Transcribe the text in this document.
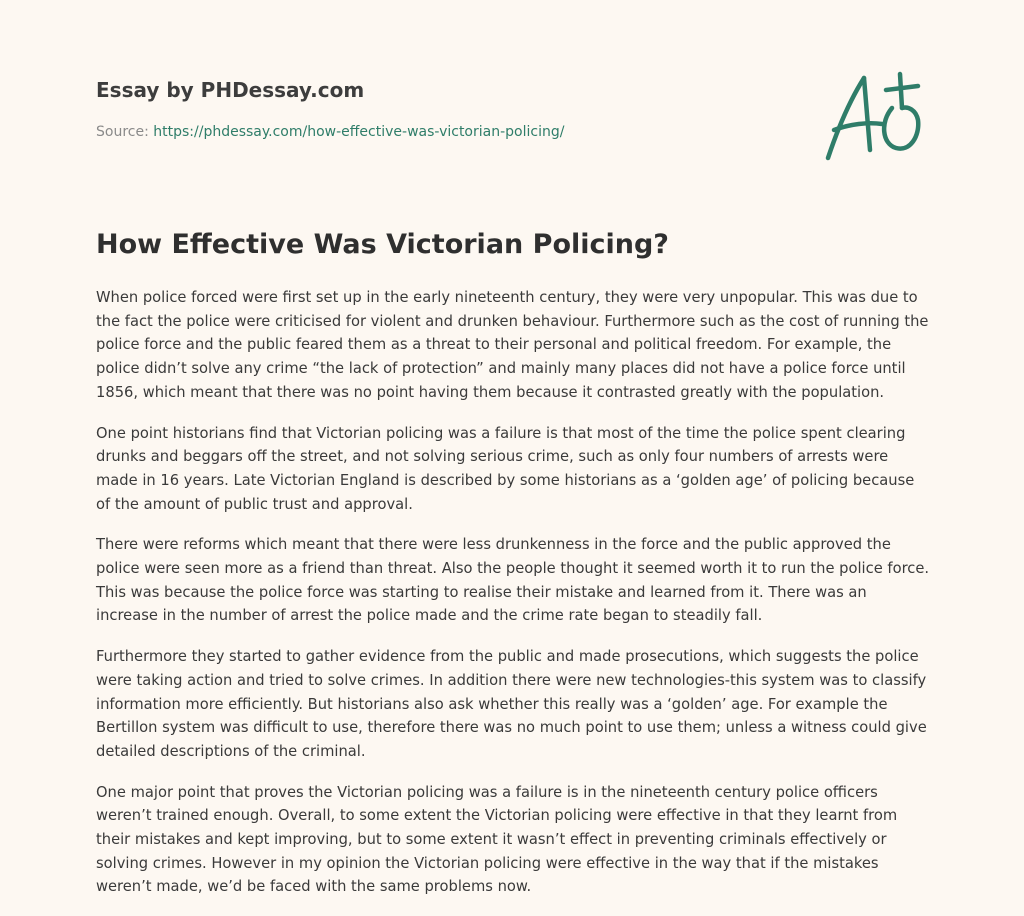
Essay by PHDessay.com
Source: https://phdessay.com/how-effective-was-victorian-policing/
How Effective Was Victorian Policing?

When police forced were first set up in the early nineteenth century, they were very unpopular. This was due to the fact the police were criticised for violent and drunken behaviour. Furthermore such as the cost of running the police force and the public feared them as a threat to their personal and political freedom. For example, the police didn’t solve any crime “the lack of protection” and mainly many places did not have a police force until 1856, which meant that there was no point having them because it contrasted greatly with the population.

One point historians find that Victorian policing was a failure is that most of the time the police spent clearing drunks and beggars off the street, and not solving serious crime, such as only four numbers of arrests were made in 16 years. Late Victorian England is described by some historians as a ‘golden age’ of policing because of the amount of public trust and approval.

There were reforms which meant that there were less drunkenness in the force and the public approved the police were seen more as a friend than threat. Also the people thought it seemed worth it to run the police force. This was because the police force was starting to realise their mistake and learned from it. There was an increase in the number of arrest the police made and the crime rate began to steadily fall.

Furthermore they started to gather evidence from the public and made prosecutions, which suggests the police were taking action and tried to solve crimes. In addition there were new technologies-this system was to classify information more efficiently. But historians also ask whether this really was a ‘golden’ age. For example the Bertillon system was difficult to use, therefore there was no much point to use them; unless a witness could give detailed descriptions of the criminal.

One major point that proves the Victorian policing was a failure is in the nineteenth century police officers weren’t trained enough. Overall, to some extent the Victorian policing were effective in that they learnt from their mistakes and kept improving, but to some extent it wasn’t effect in preventing criminals effectively or solving crimes. However in my opinion the Victorian policing were effective in the way that if the mistakes weren’t made, we’d be faced with the same problems now.
